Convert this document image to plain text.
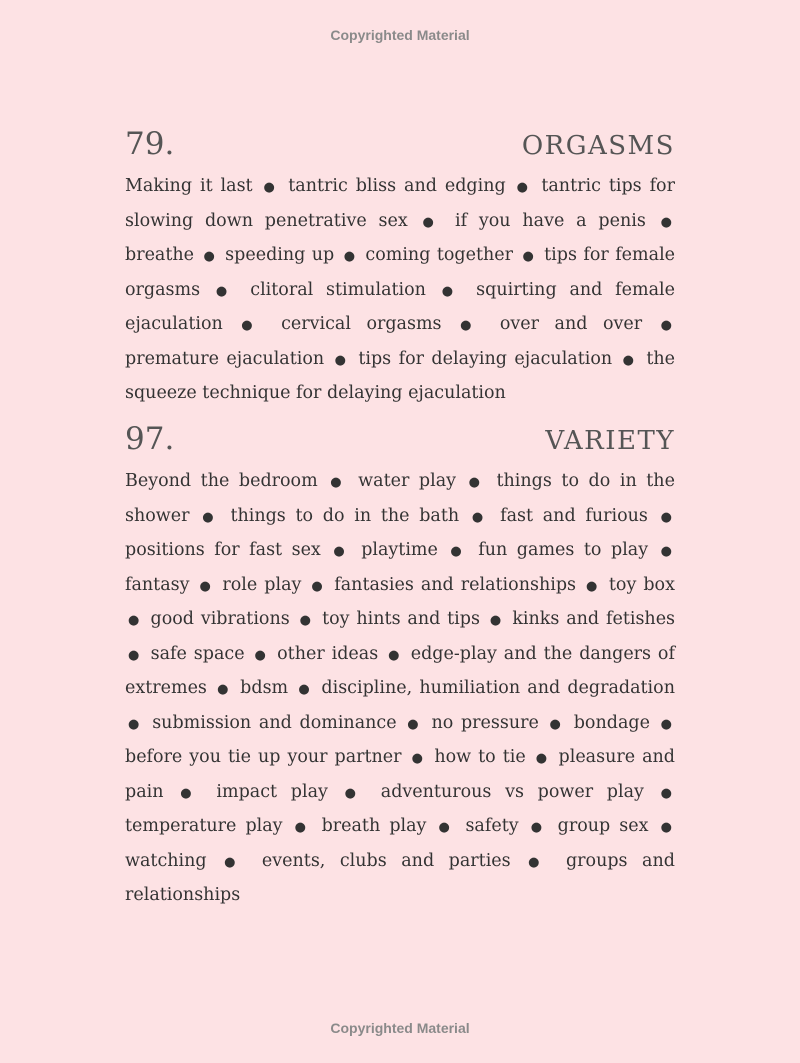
Copyrighted Material
79.	ORGASMS
Making it last ● tantric bliss and edging ● tantric tips for slowing down penetrative sex ● if you have a penis ● breathe ● speeding up ● coming together ● tips for female orgasms ● clitoral stimulation ● squirting and female ejaculation ● cervical orgasms ● over and over ● premature ejaculation ● tips for delaying ejaculation ● the squeeze technique for delaying ejaculation
97.	VARIETY
Beyond the bedroom ● water play ● things to do in the shower ● things to do in the bath ● fast and furious ● positions for fast sex ● playtime ● fun games to play ● fantasy ● role play ● fantasies and relationships ● toy box ● good vibrations ● toy hints and tips ● kinks and fetishes ● safe space ● other ideas ● edge-play and the dangers of extremes ● bdsm ● discipline, humiliation and degradation ● submission and dominance ● no pressure ● bondage ● before you tie up your partner ● how to tie ● pleasure and pain ● impact play ● adventurous vs power play ● temperature play ● breath play ● safety ● group sex ● watching ● events, clubs and parties ● groups and relationships
Copyrighted Material
